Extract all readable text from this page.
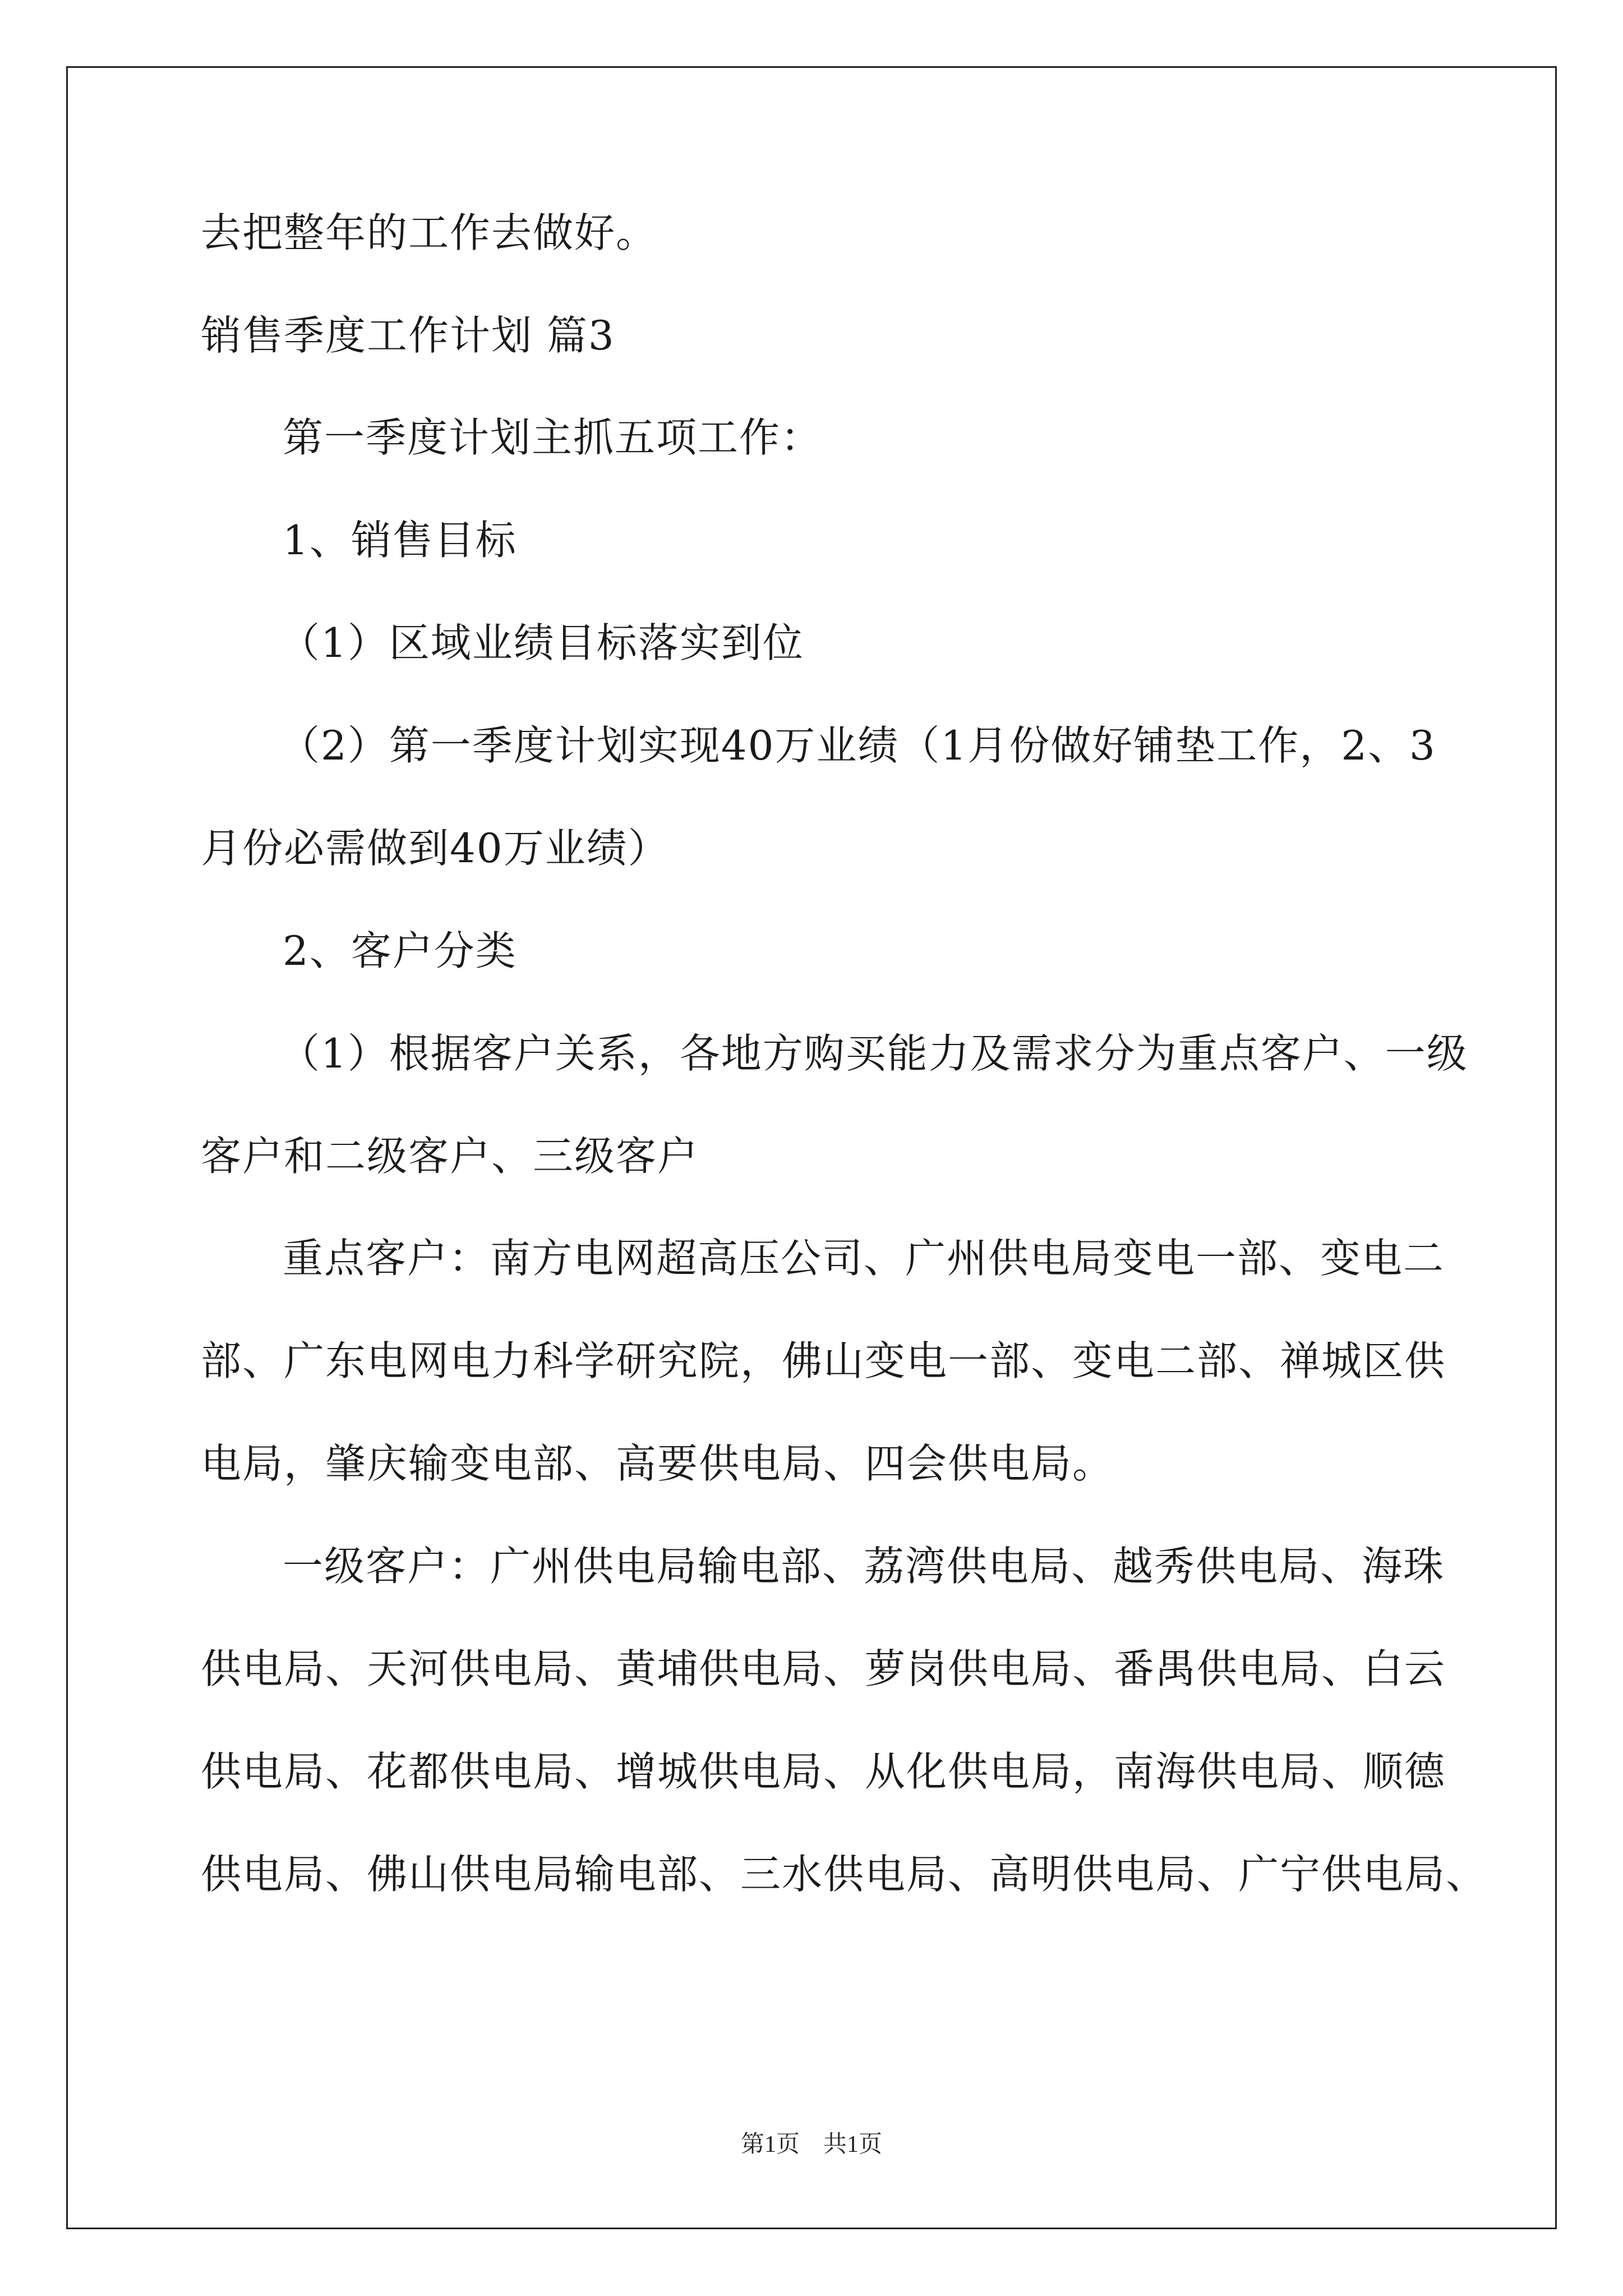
去把整年的工作去做好。
销售季度工作计划 篇3
第一季度计划主抓五项工作：
1、销售目标
（1）区域业绩目标落实到位
（2）第一季度计划实现40万业绩（1月份做好铺垫工作，2、3
月份必需做到40万业绩）
2、客户分类
（1）根据客户关系，各地方购买能力及需求分为重点客户、一级
客户和二级客户、三级客户
重点客户：南方电网超高压公司、广州供电局变电一部、变电二
部、广东电网电力科学研究院，佛山变电一部、变电二部、禅城区供
电局，肇庆输变电部、高要供电局、四会供电局。
一级客户：广州供电局输电部、荔湾供电局、越秀供电局、海珠
供电局、天河供电局、黄埔供电局、萝岗供电局、番禺供电局、白云
供电局、花都供电局、增城供电局、从化供电局，南海供电局、顺德
供电局、佛山供电局输电部、三水供电局、高明供电局、广宁供电局、
第1页　共1页
